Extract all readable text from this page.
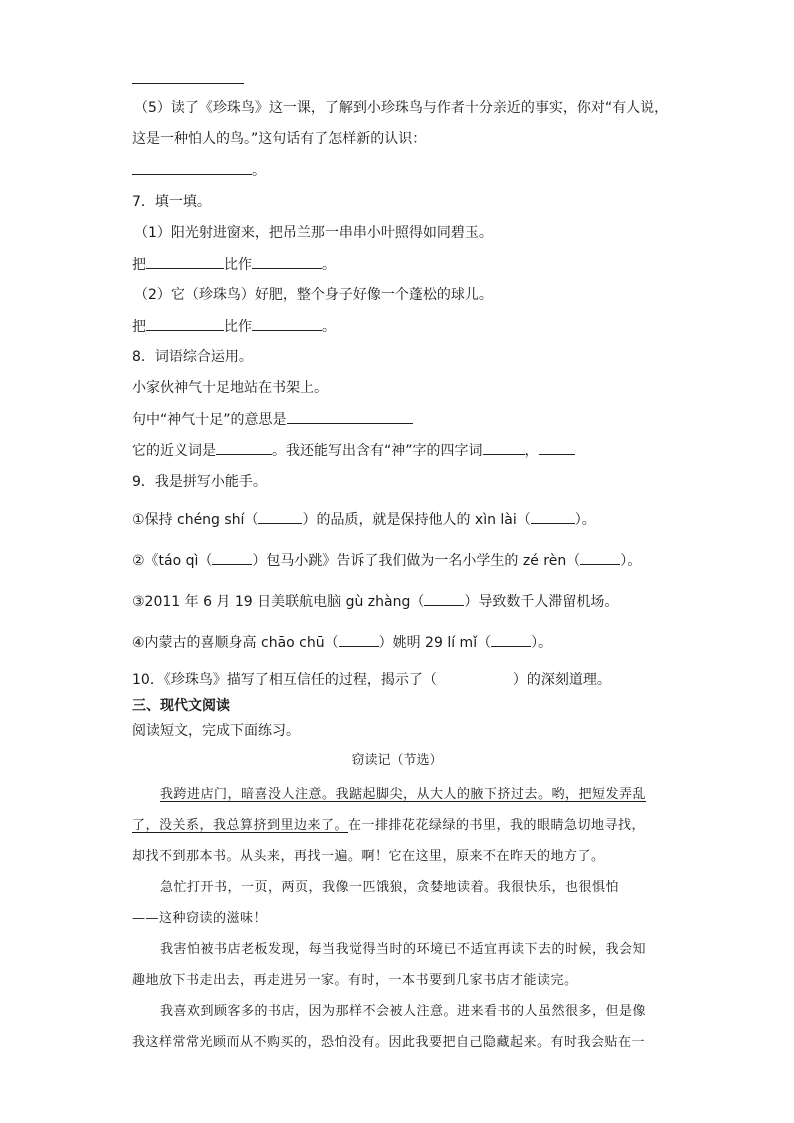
（5）读了《珍珠鸟》这一课，了解到小珍珠鸟与作者十分亲近的事实，你对“有人说，
这是一种怕人的鸟。”这句话有了怎样新的认识：
。
7．填一填。
（1）阳光射进窗来，把吊兰那一串串小叶照得如同碧玉。
把	比作	。
（2）它（珍珠鸟）好肥，整个身子好像一个蓬松的球儿。
把	比作	。
8．词语综合运用。
小家伙神气十足地站在书架上。
句中“神气十足”的意思是
它的近义词是	。我还能写出含有“神”字的四字词	，
9．我是拼写小能手。
①保持 chéng shí（	）的品质，就是保持他人的 xìn lài（	）。
②《táo qì（	）包马小跳》告诉了我们做为一名小学生的 zé rèn（	）。
③2011 年 6 月 19 日美联航电脑 gù zhàng（	）导致数千人滞留机场。
④内蒙古的喜顺身高 chāo chū（	）姚明 29 lí mǐ（	）。
10．《珍珠鸟》描写了相互信任的过程，揭示了（	）的深刻道理。
三、现代文阅读
阅读短文，完成下面练习。
窃读记（节选）
我跨进店门，暗喜没人注意。我踮起脚尖，从大人的腋下挤过去。哟，把短发弄乱
了，没关系，我总算挤到里边来了。在一排排花花绿绿的书里，我的眼睛急切地寻找，
却找不到那本书。从头来，再找一遍。啊！它在这里，原来不在昨天的地方了。
急忙打开书，一页，两页，我像一匹饿狼，贪婪地读着。我很快乐，也很惧怕
——这种窃读的滋味！
我害怕被书店老板发现，每当我觉得当时的环境已不适宜再读下去的时候，我会知
趣地放下书走出去，再走进另一家。有时，一本书要到几家书店才能读完。
我喜欢到顾客多的书店，因为那样不会被人注意。进来看书的人虽然很多，但是像
我这样常常光顾而从不购买的，恐怕没有。因此我要把自己隐藏起来。有时我会贴在一
